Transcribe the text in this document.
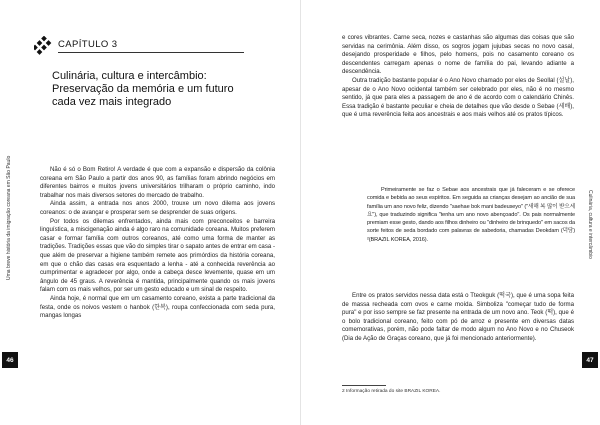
CAPÍTULO 3
Culinária, cultura e intercâmbio:
Preservação da memória e um futuro
cada vez mais integrado

Não é só o Bom Retiro! A verdade é que com a expansão e dispersão da colônia coreana em São Paulo a partir dos anos 90, as famílias foram abrindo negócios em diferentes bairros e muitos jovens universitários trilharam o próprio caminho, indo trabalhar nos mais diversos setores do mercado de trabalho.

Ainda assim, a entrada nos anos 2000, trouxe um novo dilema aos jovens coreanos: o de avançar e prosperar sem se desprender de suas origens.

Por todos os dilemas enfrentados, ainda mais com preconceitos e barreira linguística, a miscigenação ainda é algo raro na comunidade coreana. Muitos preferem casar e formar família com outros coreanos, até como uma forma de manter as tradições. Tradições essas que vão do simples tirar o sapato antes de entrar em casa - que além de preservar a higiene também remete aos primórdios da história coreana, em que o chão das casas era esquentado a lenha - até a conhecida reverência ao cumprimentar e agradecer por algo, onde a cabeça desce levemente, quase em um ângulo de 45 graus. A reverência é mantida, principalmente quando os mais jovens falam com os mais velhos, por ser um gesto educado e um sinal de respeito.

Ainda hoje, é normal que em um casamento coreano, exista a parte tradicional da festa, onde os noivos vestem o hanbok (한복), roupa confeccionada com seda pura, mangas longas

Uma breve história da imigração coreana em São Paulo
46

e cores vibrantes. Carne seca, nozes e castanhas são algumas das coisas que são servidas na cerimônia. Além disso, os sogros jogam jujubas secas no novo casal, desejando prosperidade e filhos, pelo homens, pois no casamento coreano os descendentes carregam apenas o nome de família do pai, levando adiante a descendência.

Outra tradição bastante popular é o Ano Novo chamado por eles de Seollal (설날), apesar de o Ano Novo ocidental também ser celebrado por eles, não é no mesmo sentido, já que para eles a passagem de ano é de acordo com o calendário Chinês. Essa tradição é bastante peculiar e cheia de detalhes que vão desde o Sebae (세배), que é uma reverência feita aos ancestrais e aos mais velhos até os pratos típicos.

Primeiramente se faz o Sebae aos ancestrais que já faleceram e se oferece comida e bebida ao seus espíritos. Em seguida as crianças desejam ao ancião de sua família um ano novo feliz, dizendo "saehae bok mani badeuseyo" ("새해 복 많이 받으세요"), que traduzindo significa "tenha um ano novo abençoado". Os pais normalmente premiam esse gesto, dando aos filhos dinheiro ou "dinheiro de brinquedo" em sacos da sorte feitos de seda bordado com palavras de sabedoria, chamadas Deokdam (덕담) ²(BRAZIL KOREA, 2016).

Entre os pratos servidos nessa data está o Tteokguk (떡국), que é uma sopa feita de massa recheada com ovos e carne moída. Simboliza "começar tudo de forma pura" e por isso sempre se faz presente na entrada de um novo ano. Teok (떡), que é o bolo tradicional coreano, feito com pó de arroz e presente em diversas datas comemorativas, porém, não pode faltar de modo algum no Ano Novo e no Chuseok (Dia de Ação de Graças coreano, que já foi mencionado anteriormente).

2 Informação retirada do site BRAZIL KOREA.
Culinária, cultura e intercâmbio
47
